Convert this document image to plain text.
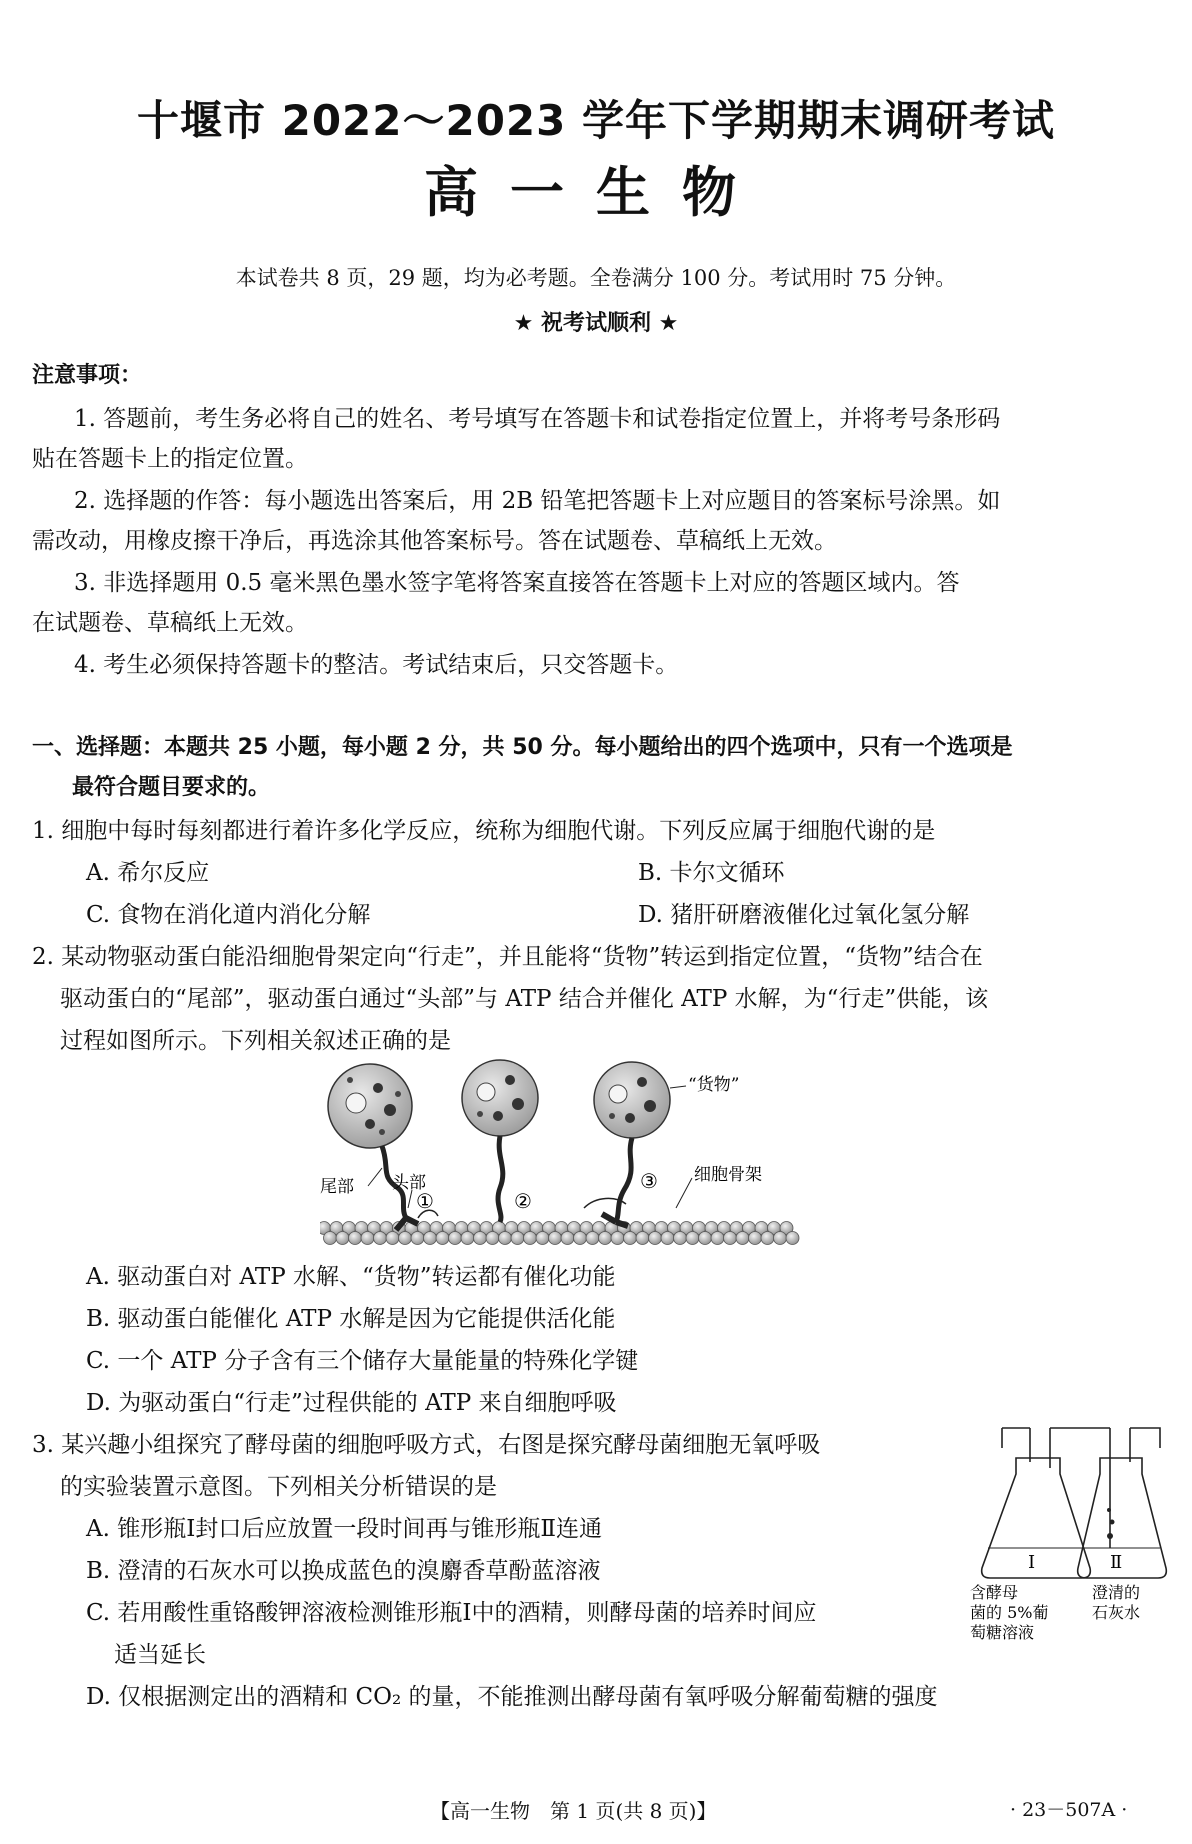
十堰市 2022～2023 学年下学期期末调研考试
高一生物
本试卷共 8 页，29 题，均为必考题。全卷满分 100 分。考试用时 75 分钟。
★ 祝考试顺利 ★
注意事项：
1. 答题前，考生务必将自己的姓名、考号填写在答题卡和试卷指定位置上，并将考号条形码
贴在答题卡上的指定位置。
2. 选择题的作答：每小题选出答案后，用 2B 铅笔把答题卡上对应题目的答案标号涂黑。如
需改动，用橡皮擦干净后，再选涂其他答案标号。答在试题卷、草稿纸上无效。
3. 非选择题用 0.5 毫米黑色墨水签字笔将答案直接答在答题卡上对应的答题区域内。答
在试题卷、草稿纸上无效。
4. 考生必须保持答题卡的整洁。考试结束后，只交答题卡。
一、选择题：本题共 25 小题，每小题 2 分，共 50 分。每小题给出的四个选项中，只有一个选项是
最符合题目要求的。
1. 细胞中每时每刻都进行着许多化学反应，统称为细胞代谢。下列反应属于细胞代谢的是
A. 希尔反应	B. 卡尔文循环
C. 食物在消化道内消化分解	D. 猪肝研磨液催化过氧化氢分解
2. 某动物驱动蛋白能沿细胞骨架定向“行走”，并且能将“货物”转运到指定位置，“货物”结合在
驱动蛋白的“尾部”，驱动蛋白通过“头部”与 ATP 结合并催化 ATP 水解，为“行走”供能，该
过程如图所示。下列相关叙述正确的是
“货物”
头部
尾部
细胞骨架
①	②
③
A. 驱动蛋白对 ATP 水解、“货物”转运都有催化功能
B. 驱动蛋白能催化 ATP 水解是因为它能提供活化能
C. 一个 ATP 分子含有三个储存大量能量的特殊化学键
D. 为驱动蛋白“行走”过程供能的 ATP 来自细胞呼吸
3. 某兴趣小组探究了酵母菌的细胞呼吸方式，右图是探究酵母菌细胞无氧呼吸
的实验装置示意图。下列相关分析错误的是
A. 锥形瓶Ⅰ封口后应放置一段时间再与锥形瓶Ⅱ连通
B. 澄清的石灰水可以换成蓝色的溴麝香草酚蓝溶液
C. 若用酸性重铬酸钾溶液检测锥形瓶Ⅰ中的酒精，则酵母菌的培养时间应
适当延长
D. 仅根据测定出的酒精和 CO₂ 的量，不能推测出酵母菌有氧呼吸分解葡萄糖的强度
Ⅰ	Ⅱ
含酵母
菌的 5%葡
萄糖溶液
澄清的
石灰水
【高一生物　第 1 页(共 8 页)】	· 23－507A ·
